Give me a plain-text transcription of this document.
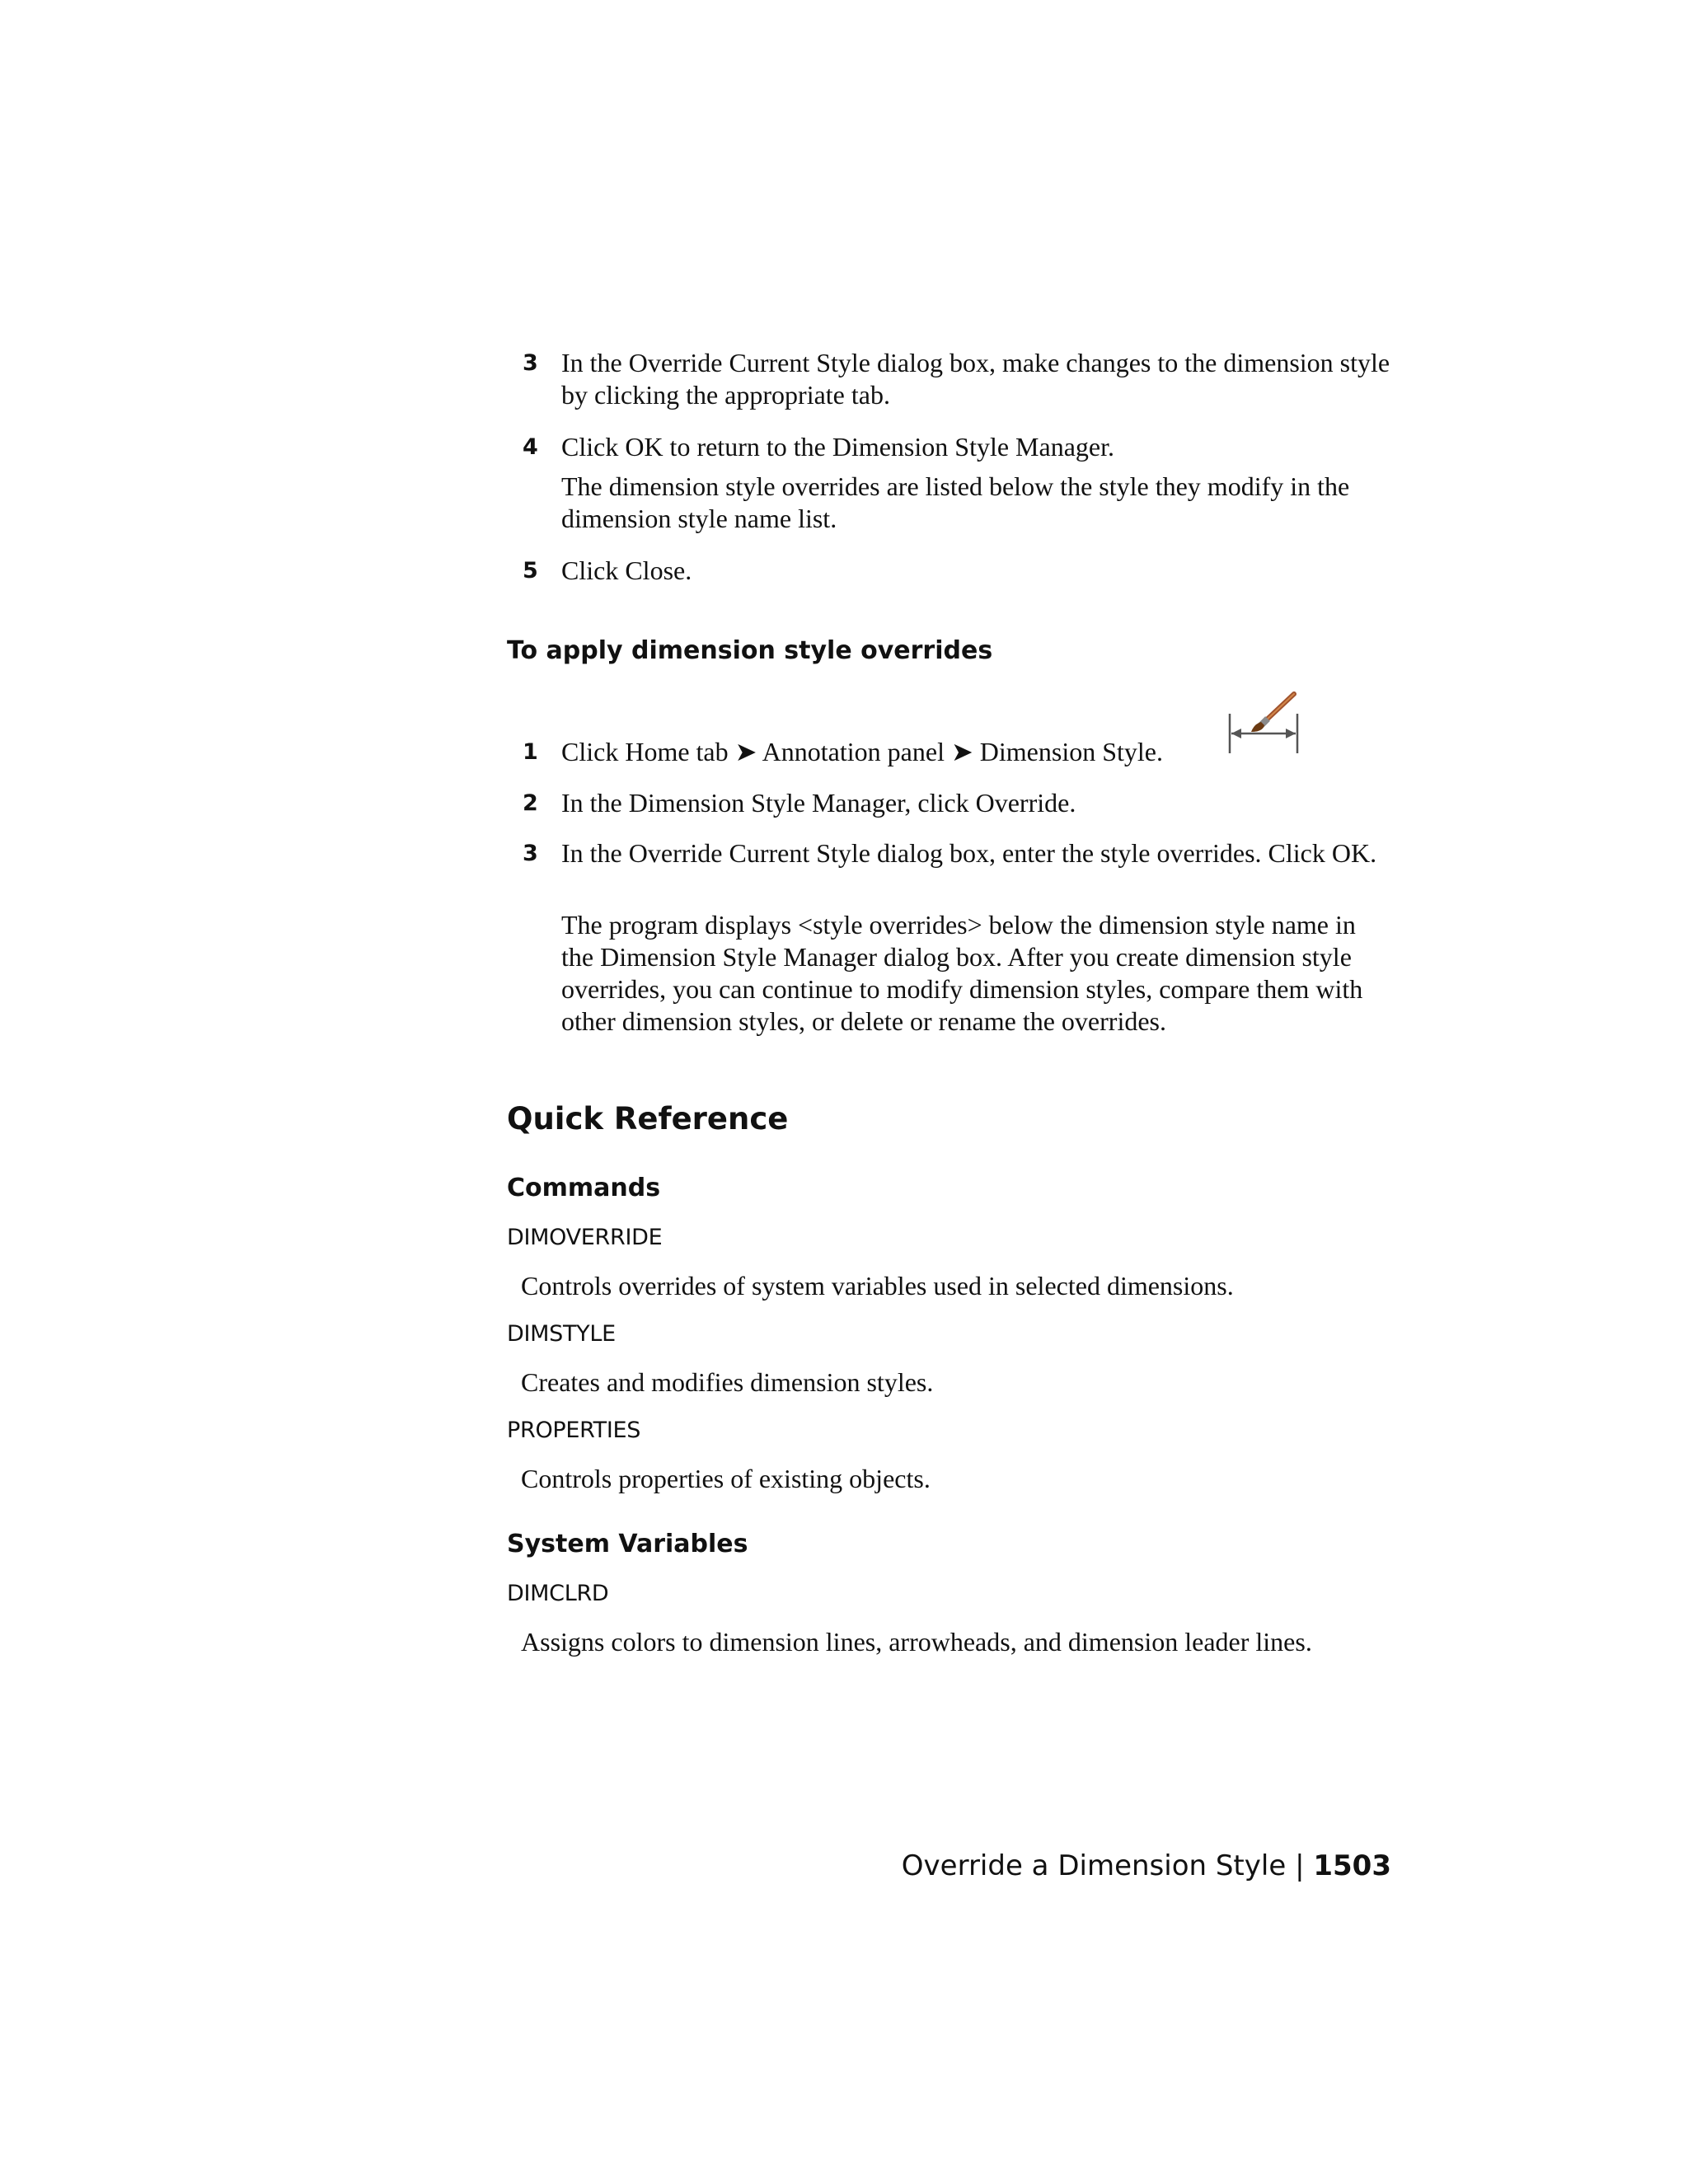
3 In the Override Current Style dialog box, make changes to the dimension style by clicking the appropriate tab.

4 Click OK to return to the Dimension Style Manager.

The dimension style overrides are listed below the style they modify in the dimension style name list.

5 Click Close.

To apply dimension style overrides
1 Click Home tab ➤ Annotation panel ➤ Dimension Style.

2 In the Dimension Style Manager, click Override.

3 In the Override Current Style dialog box, enter the style overrides. Click OK.

The program displays <style overrides> below the dimension style name in the Dimension Style Manager dialog box. After you create dimension style overrides, you can continue to modify dimension styles, compare them with other dimension styles, or delete or rename the overrides.

Quick Reference
Commands
DIMOVERRIDE
Controls overrides of system variables used in selected dimensions.
DIMSTYLE
Creates and modifies dimension styles.
PROPERTIES
Controls properties of existing objects.
System Variables
DIMCLRD
Assigns colors to dimension lines, arrowheads, and dimension leader lines.
Override a Dimension Style | 1503
